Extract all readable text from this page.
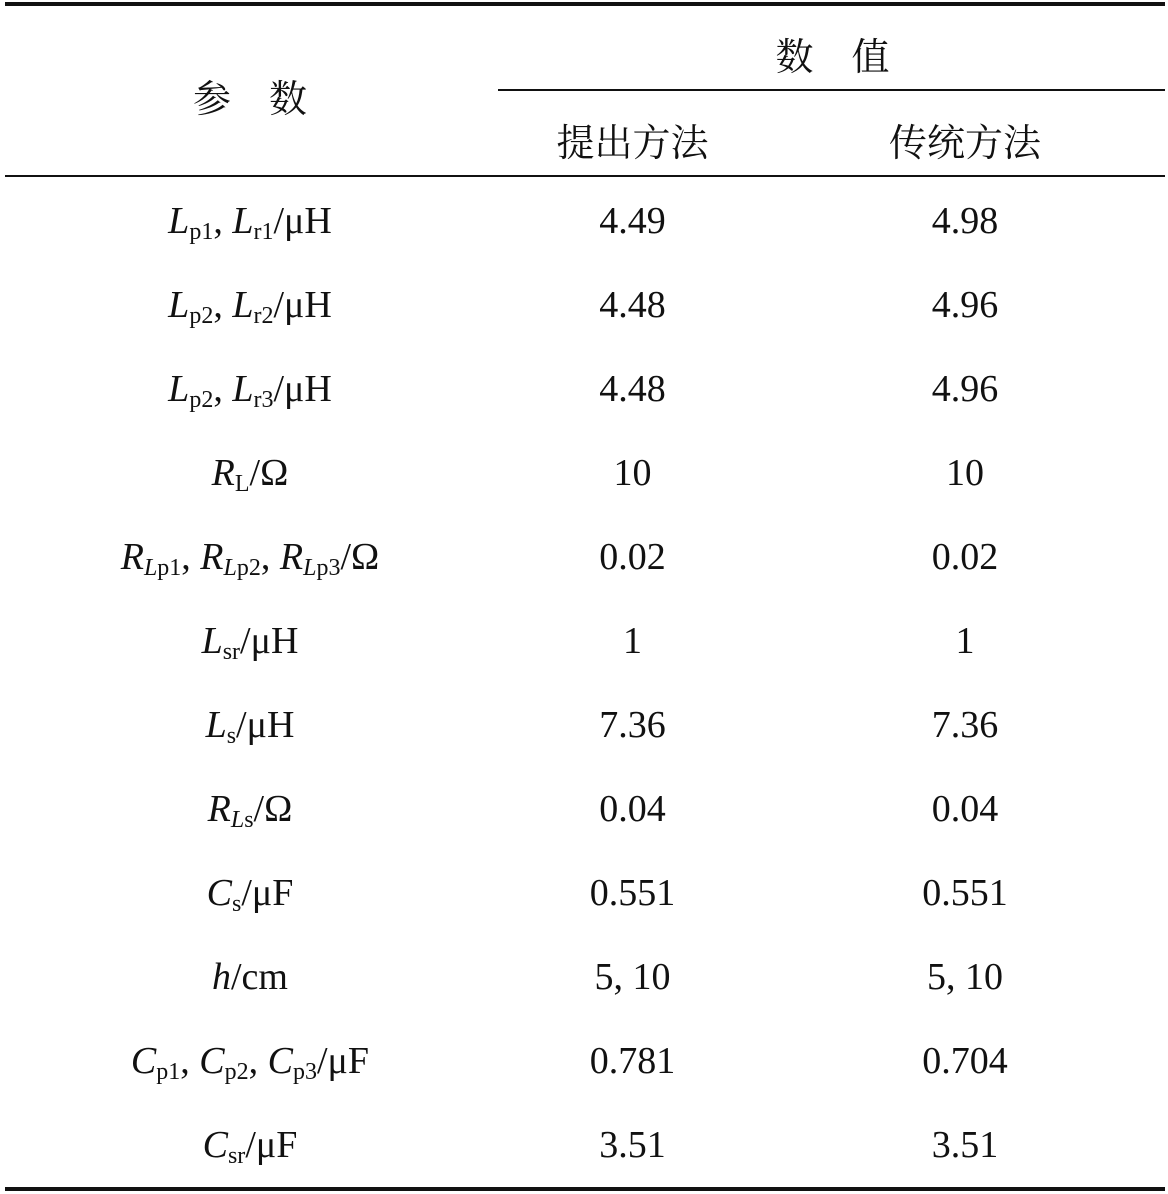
参　数
数　值
提出方法	传统方法
$L_{p1}$, $L_{r1}/\mu H$	4.49	4.98
$L_{p2}$, $L_{r2}/\mu H$	4.48	4.96
$L_{p2}$, $L_{r3}/\mu H$	4.48	4.96
$R_L/\Omega$	10	10
$R_{Lp1}$, $R_{Lp2}$, $R_{Lp3}/\Omega$	0.02	0.02
$L_{sr}/\mu H$	1	1
$L_s/\mu H$	7.36	7.36
$R_{Ls}/\Omega$	0.04	0.04
$C_s/\mu F$	0.551	0.551
h/cm	5, 10	5, 10
$C_{p1}$, $C_{p2}$, $C_{p3}/\mu F$	0.781	0.704
$C_{sr}/\mu F$	3.51	3.51
